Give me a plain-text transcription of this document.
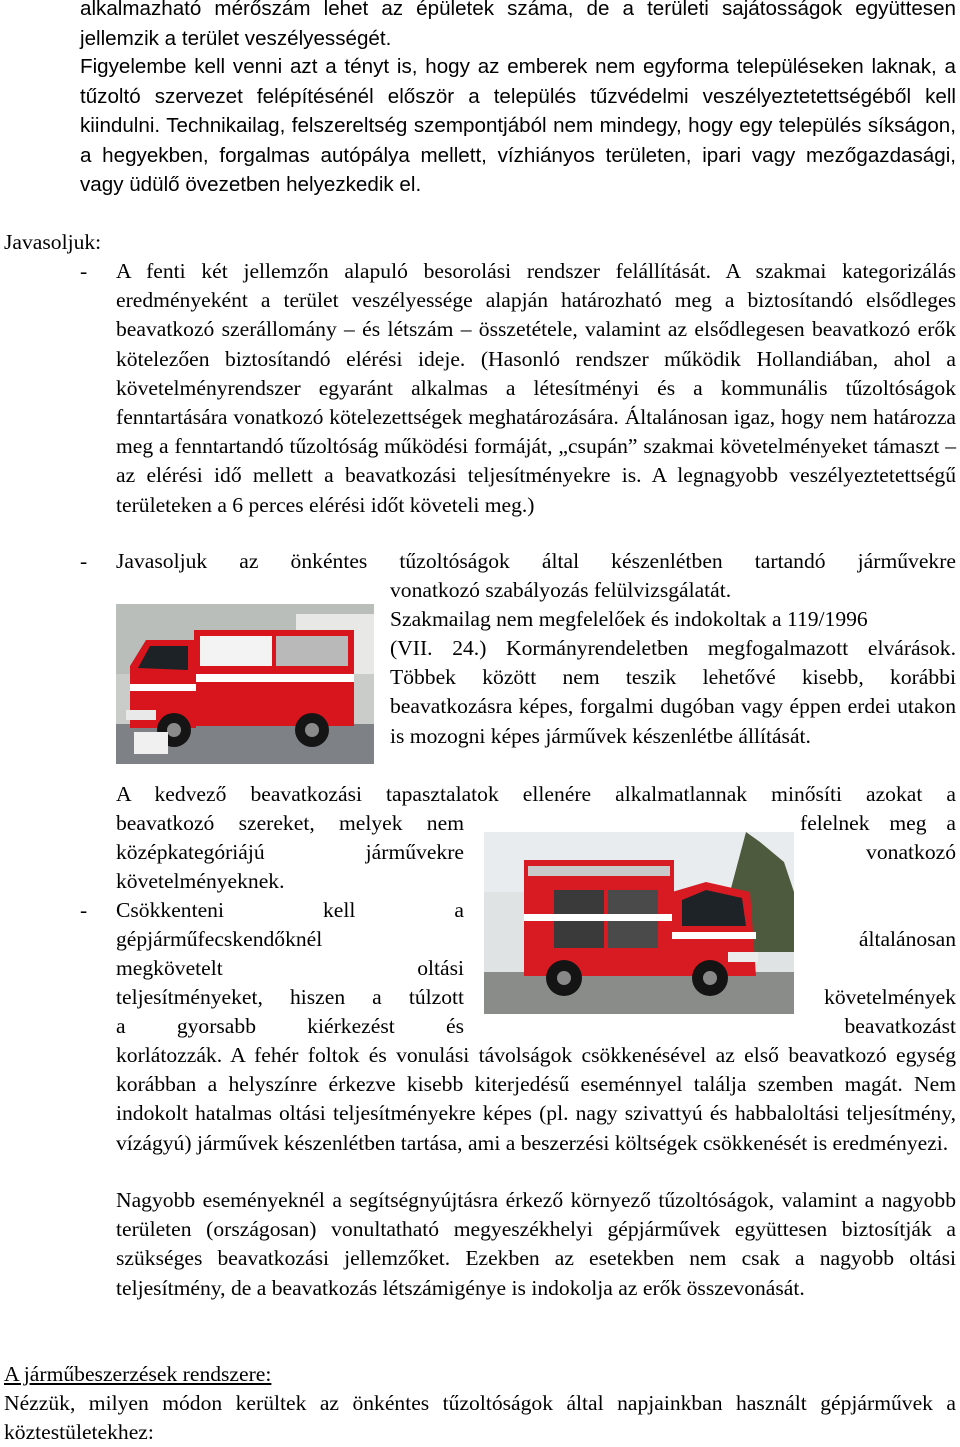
alkalmazható mérőszám lehet az épületek száma, de a területi sajátosságok együttesen jellemzik a terület veszélyességét.

Figyelembe kell venni azt a tényt is, hogy az emberek nem egyforma településeken laknak, a tűzoltó szervezet felépítésénél először a település tűzvédelmi veszélyeztetettségéből kell kiindulni. Technikailag, felszereltség szempontjából nem mindegy, hogy egy település síkságon, a hegyekben, forgalmas autópálya mellett, vízhiányos területen, ipari vagy mezőgazdasági, vagy üdülő övezetben helyezkedik el.

Javasoljuk:
- A fenti két jellemzőn alapuló besorolási rendszer felállítását. A szakmai kategorizálás eredményeként a terület veszélyessége alapján határozható meg a biztosítandó elsődleges beavatkozó szerállomány – és létszám – összetétele, valamint az elsődlegesen beavatkozó erők kötelezően biztosítandó elérési ideje. (Hasonló rendszer működik Hollandiában, ahol a követelményrendszer egyaránt alkalmas a létesítményi és a kommunális tűzoltóságok fenntartására vonatkozó kötelezettségek meghatározására. Általánosan igaz, hogy nem határozza meg a fenntartandó tűzoltóság működési formáját, „csupán” szakmai követelményeket támaszt – az elérési idő mellett a beavatkozási teljesítményekre is. A legnagyobb veszélyeztetettségű területeken a 6 perces elérési időt követeli meg.)

- Javasoljuk az önkéntes tűzoltóságok által készenlétben tartandó járművekre
vonatkozó szabályozás felülvizsgálatát.
Szakmailag nem megfelelőek és indokoltak a 119/1996

(VII. 24.) Kormányrendeletben megfogalmazott elvárások. Többek között nem teszik lehetővé kisebb, korábbi beavatkozásra képes, forgalmi dugóban vagy éppen erdei utakon is mozogni képes járművek készenlétbe állítását.

A kedvező beavatkozási tapasztalatok ellenére alkalmatlannak minősíti azokat a
beavatkozó szereket, melyek nem	felelnek meg a
középkategóriájú járművekre	vonatkozó
követelményeknek.
- Csökkenteni kell a
gépjárműfecskendőknél	általánosan
megkövetelt oltási
teljesítményeket, hiszen a túlzott	követelmények
a gyorsabb kiérkezést és	beavatkozást

korlátozzák. A fehér foltok és vonulási távolságok csökkenésével az első beavatkozó egység korábban a helyszínre érkezve kisebb kiterjedésű eseménnyel találja szemben magát. Nem indokolt hatalmas oltási teljesítményekre képes (pl. nagy szivattyú és habbaloltási teljesítmény, vízágyú) járművek készenlétben tartása, ami a beszerzési költségek csökkenését is eredményezi.

Nagyobb eseményeknél a segítségnyújtásra érkező környező tűzoltóságok, valamint a nagyobb területen (országosan) vonultatható megyeszékhelyi gépjárművek együttesen biztosítják a szükséges beavatkozási jellemzőket. Ezekben az esetekben nem csak a nagyobb oltási teljesítmény, de a beavatkozás létszámigénye is indokolja az erők összevonását.

A járműbeszerzések rendszere:

Nézzük, milyen módon kerültek az önkéntes tűzoltóságok által napjainkban használt gépjárművek a köztestületekhez:
